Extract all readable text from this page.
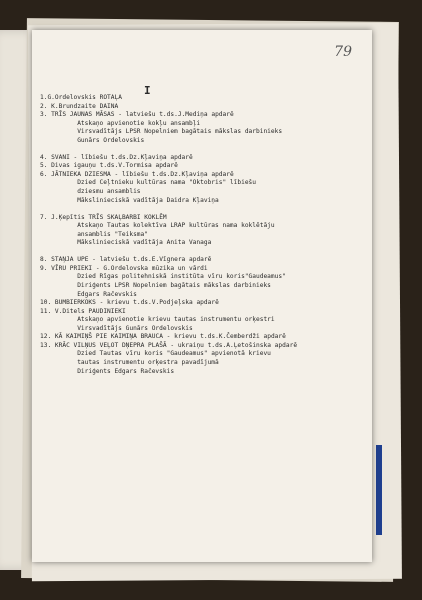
79
I
1.G.Ordelovskis ROTAĻA
2. K.Brundzaite DAINA
3. TRĪS JAUNAS MĀSAS - latviešu t.ds.J.Mediņa apdarē
Atskaņo apvienotie kokļu ansambļi
Virsvadītājs LPSR Nopelniem bagātais mākslas darbinieks
Gunārs Ordelovskis
4. SVANI - lībiešu t.ds.Dz.Kļaviņa apdarē
5. Divas igauņu t.ds.V.Tormisa apdarē
6. JĀTNIEKA DZIESMA - lībiešu t.ds.Dz.Kļaviņa apdarē
Dzied Ceļtnieku kultūras nama "Oktobris" lībiešu
dziesmu ansamblis
Mākslinieciskā vadītāja Daidra Kļaviņa
7. J.Ķepītis TRĪS SKAĻBARBI KOKLĒM
Atskaņo Tautas kolektīva LRAP kultūras nama koklētāju
ansamblis "Teiksma"
Mākslinieciskā vadītāja Anita Vanaga
8. STAŅJA UPE - latviešu t.ds.E.Vīgnera apdarē
9. VĪRU PRIEKI - G.Ordelovska mūzika un vārdi
Dzied Rīgas politehniskā institūta vīru koris"Gaudeamus"
Diriģents LPSR Nopelniem bagātais mākslas darbinieks
Edgars Račevskis
10. BUMBIERKOKS - krievu t.ds.V.Podjeļska apdarē
11. V.Ditels PAUDINIEKI
Atskaņo apvienotie krievu tautas instrumentu orķestri
Virsvadītājs Gunārs Ordelovskis
12. KĀ KAIMIŅŠ PIE KAIMIŅA BRAUCA - krievu t.ds.K.Čemberdži apdarē
13. KRĀC VILŅUS VEĻOT DŅEPRA PLAŠĀ - ukraiņu t.ds.A.Ļetošinska apdarē
Dzied Tautas vīru koris "Gaudeamus" apvienotā krievu
tautas instrumentu orķestra pavadījumā
Diriģents Edgars Račevskis
